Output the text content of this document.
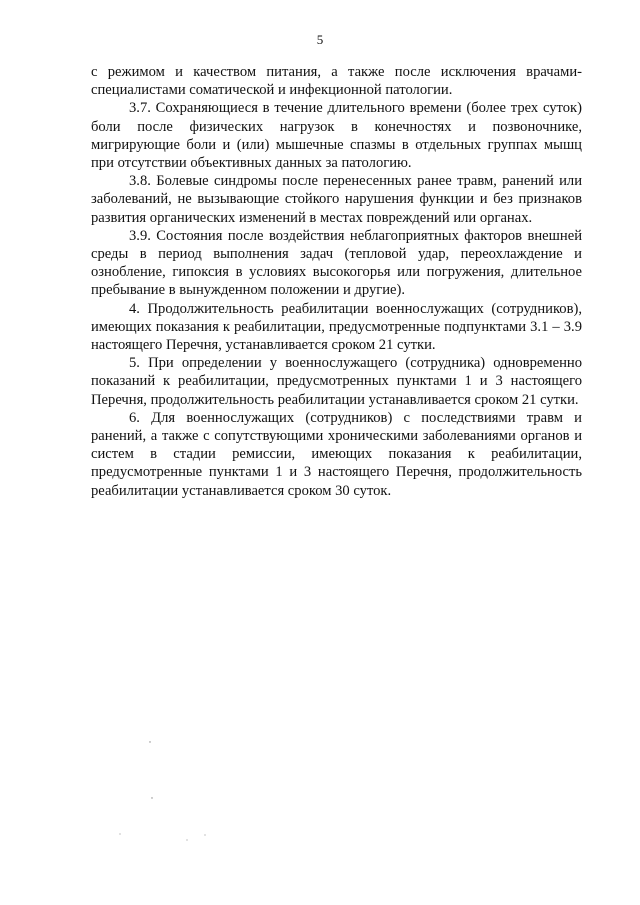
5

с режимом и качеством питания, а также после исключения врачами-специалистами соматической и инфекционной патологии.

3.7. Сохраняющиеся в течение длительного времени (более трех суток) боли после физических нагрузок в конечностях и позвоночнике, мигрирующие боли и (или) мышечные спазмы в отдельных группах мышц при отсутствии объективных данных за патологию.

3.8. Болевые синдромы после перенесенных ранее травм, ранений или заболеваний, не вызывающие стойкого нарушения функции и без признаков развития органических изменений в местах повреждений или органах.

3.9. Состояния после воздействия неблагоприятных факторов внешней среды в период выполнения задач (тепловой удар, переохлаждение и ознобление, гипоксия в условиях высокогорья или погружения, длительное пребывание в вынужденном положении и другие).

4. Продолжительность реабилитации военнослужащих (сотрудников), имеющих показания к реабилитации, предусмотренные подпунктами 3.1 – 3.9 настоящего Перечня, устанавливается сроком 21 сутки.

5. При определении у военнослужащего (сотрудника) одновременно показаний к реабилитации, предусмотренных пунктами 1 и 3 настоящего Перечня, продолжительность реабилитации устанавливается сроком 21 сутки.

6. Для военнослужащих (сотрудников) с последствиями травм и ранений, а также с сопутствующими хроническими заболеваниями органов и систем в стадии ремиссии, имеющих показания к реабилитации, предусмотренные пунктами 1 и 3 настоящего Перечня, продолжительность реабилитации устанавливается сроком 30 суток.
